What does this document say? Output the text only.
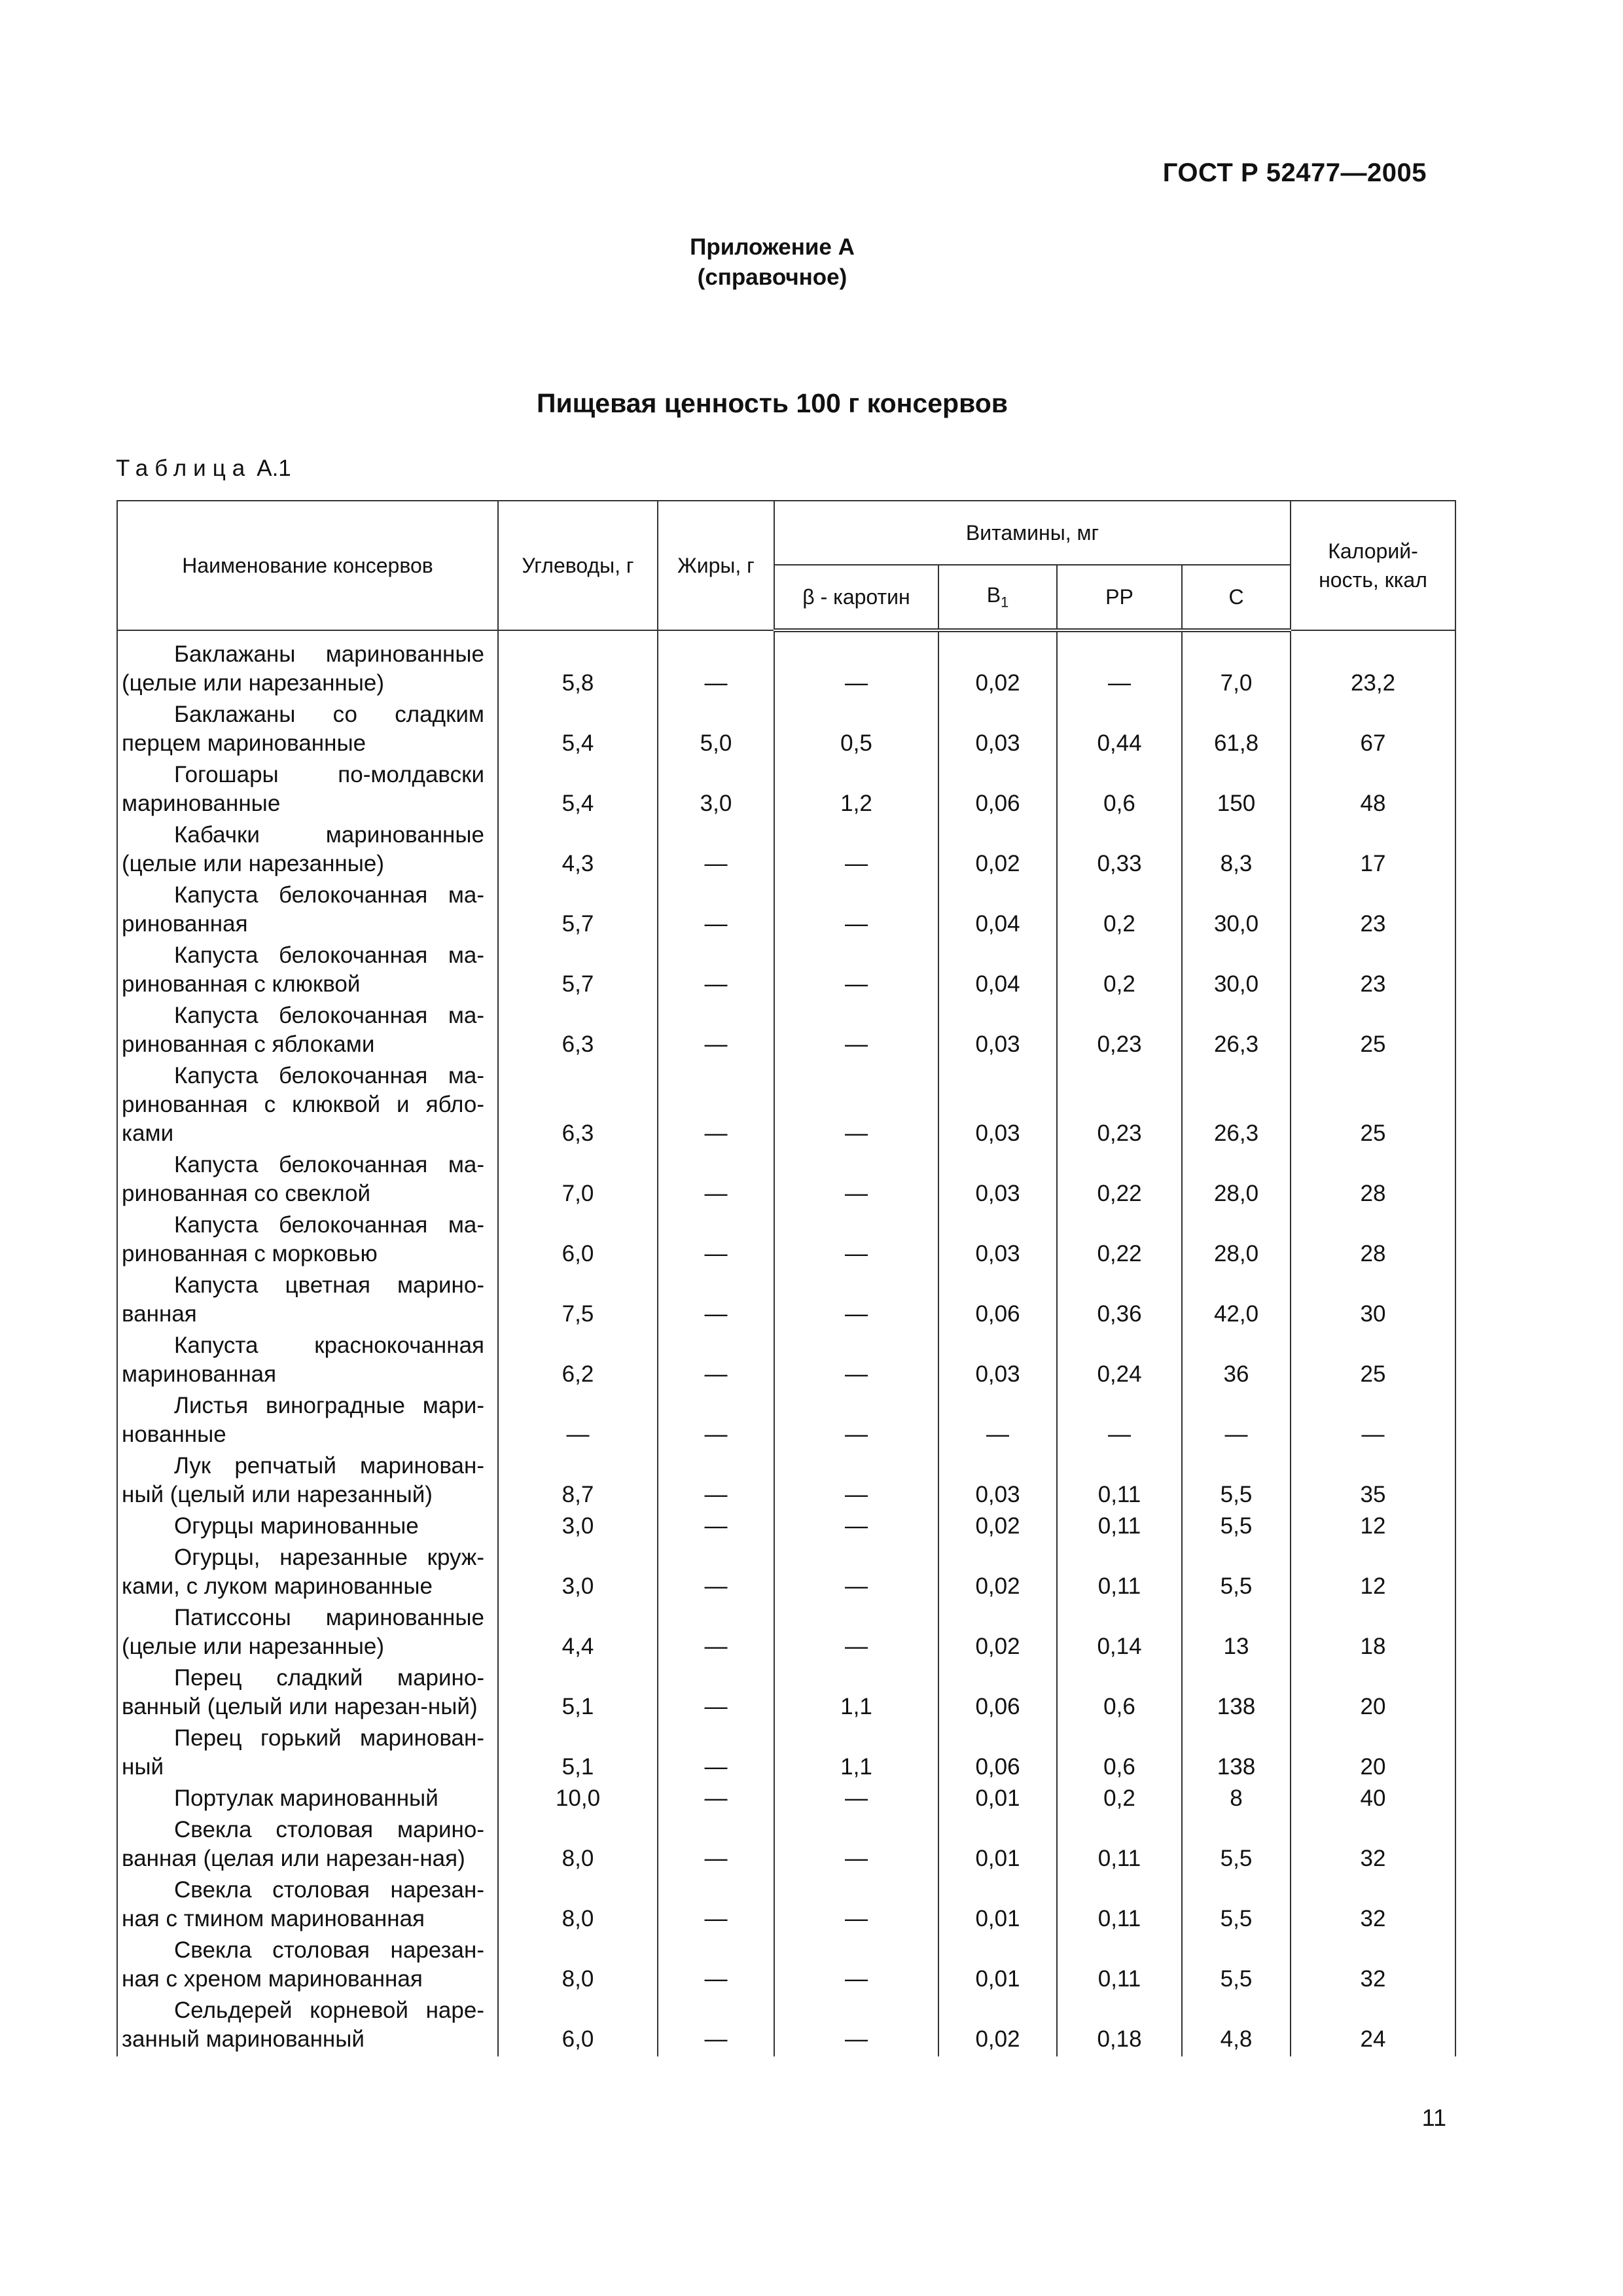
ГОСТ Р 52477—2005
Приложение А
(справочное)
Пищевая ценность 100 г консервов
Таблица А.1
Наименование консервов	Углеводы, г	Жиры, г	Витамины, мг				Калорий-ность, ккал
			β - каротин	$B_1$	PP	C	
Баклажаны маринованные (целые или нарезанные)	5,8	—	—	0,02	—	7,0	23,2
Баклажаны со сладким перцем маринованные	5,4	5,0	0,5	0,03	0,44	61,8	67
Гогошары по-молдавски маринованные	5,4	3,0	1,2	0,06	0,6	150	48
Кабачки маринованные (целые или нарезанные)	4,3	—	—	0,02	0,33	8,3	17
Капуста белокочанная ма-ринованная	5,7	—	—	0,04	0,2	30,0	23
Капуста белокочанная ма-ринованная с клюквой	5,7	—	—	0,04	0,2	30,0	23
Капуста белокочанная ма-ринованная с яблоками	6,3	—	—	0,03	0,23	26,3	25
Капуста белокочанная ма-ринованная с клюквой и ябло-ками	6,3	—	—	0,03	0,23	26,3	25
Капуста белокочанная ма-ринованная со свеклой	7,0	—	—	0,03	0,22	28,0	28
Капуста белокочанная ма-ринованная с морковью	6,0	—	—	0,03	0,22	28,0	28
Капуста цветная марино-ванная	7,5	—	—	0,06	0,36	42,0	30
Капуста краснокочанная маринованная	6,2	—	—	0,03	0,24	36	25
Листья виноградные мари-нованные	—	—	—	—	—	—	—
Лук репчатый маринован-ный (целый или нарезанный)	8,7	—	—	0,03	0,11	5,5	35
Огурцы маринованные	3,0	—	—	0,02	0,11	5,5	12
Огурцы, нарезанные круж-ками, с луком маринованные	3,0	—	—	0,02	0,11	5,5	12
Патиссоны маринованные (целые или нарезанные)	4,4	—	—	0,02	0,14	13	18
Перец сладкий марино-ванный (целый или нарезан-ный)	5,1	—	1,1	0,06	0,6	138	20
Перец горький маринован-ный	5,1	—	1,1	0,06	0,6	138	20
Портулак маринованный	10,0	—	—	0,01	0,2	8	40
Свекла столовая марино-ванная (целая или нарезан-ная)	8,0	—	—	0,01	0,11	5,5	32
Свекла столовая нарезан-ная с тмином маринованная	8,0	—	—	0,01	0,11	5,5	32
Свекла столовая нарезан-ная с хреном маринованная	8,0	—	—	0,01	0,11	5,5	32
Сельдерей корневой наре-занный маринованный	6,0	—	—	0,02	0,18	4,8	24
11
